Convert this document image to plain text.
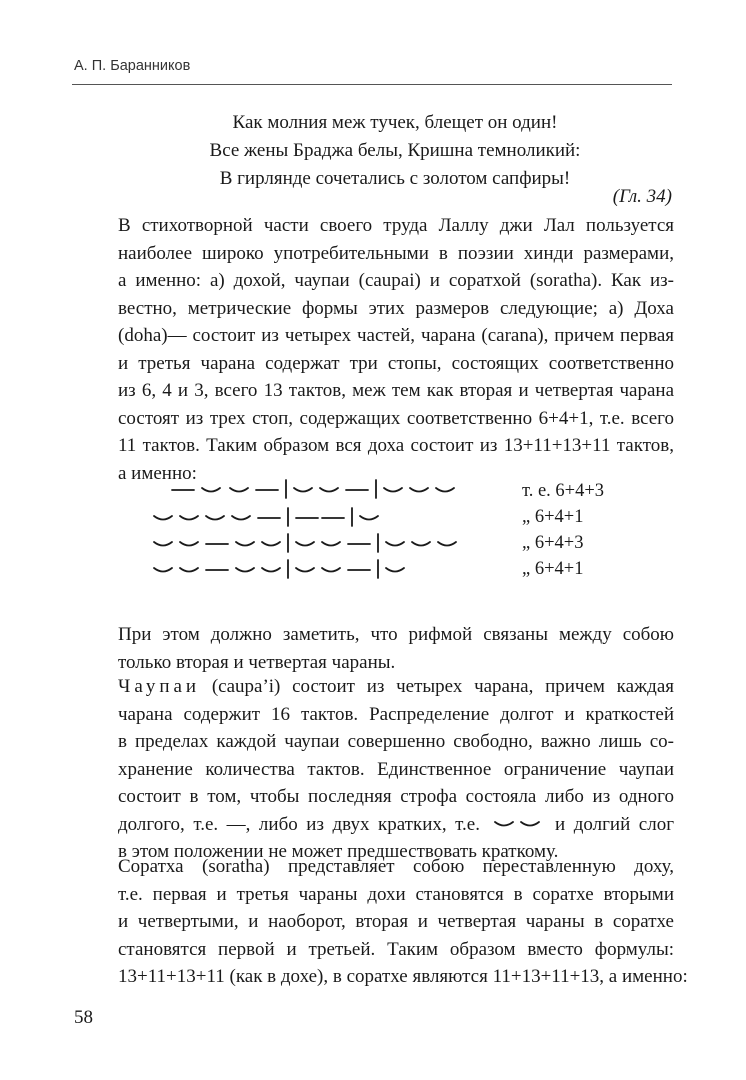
А. П. Баранников
Как молния меж тучек, блещет он один!
Все жены Браджа белы, Кришна темноликий:
В гирлянде сочетались с золотом сапфиры!
(Гл. 34)
В стихотворной части своего труда Лаллу джи Лал пользуется
наиболее широко употребительными в поэзии хинди размерами,
а именно: а) дохой, чаупаи (caupai) и соратхой (soratha). Как из-
вестно, метрические формы этих размеров следующие; а) Доха
(doha)— состоит из четырех частей, чарана (carana), причем первая
и третья чарана содержат три стопы, состоящих соответственно
из 6, 4 и 3, всего 13 тактов, меж тем как вторая и четвертая чарана
состоят из трех стоп, содержащих соответственно 6+4+1, т.е. всего
11 тактов. Таким образом вся доха состоит из 13+11+13+11 тактов,
а именно:
т. е. 6+4+3
„ 6+4+1
„ 6+4+3
„ 6+4+1
При этом должно заметить, что рифмой связаны между собою
только вторая и четвертая чараны.
Чаупаи (caupa’i) состоит из четырех чарана, причем каждая
чарана содержит 16 тактов. Распределение долгот и краткостей
в пределах каждой чаупаи совершенно свободно, важно лишь со-
хранение количества тактов. Единственное ограничение чаупаи
состоит в том, чтобы последняя строфа состояла либо из одного
долгого, т.е. —, либо из двух кратких, т.е.	и долгий слог
в этом положении не может предшествовать краткому.
Соратха (soratha) представляет собою переставленную доху,
т.е. первая и третья чараны дохи становятся в соратхе вторыми
и четвертыми, и наоборот, вторая и четвертая чараны в соратхе
становятся первой и третьей. Таким образом вместо формулы:
13+11+13+11 (как в дохе), в соратхе являются 11+13+11+13, а именно:
58
